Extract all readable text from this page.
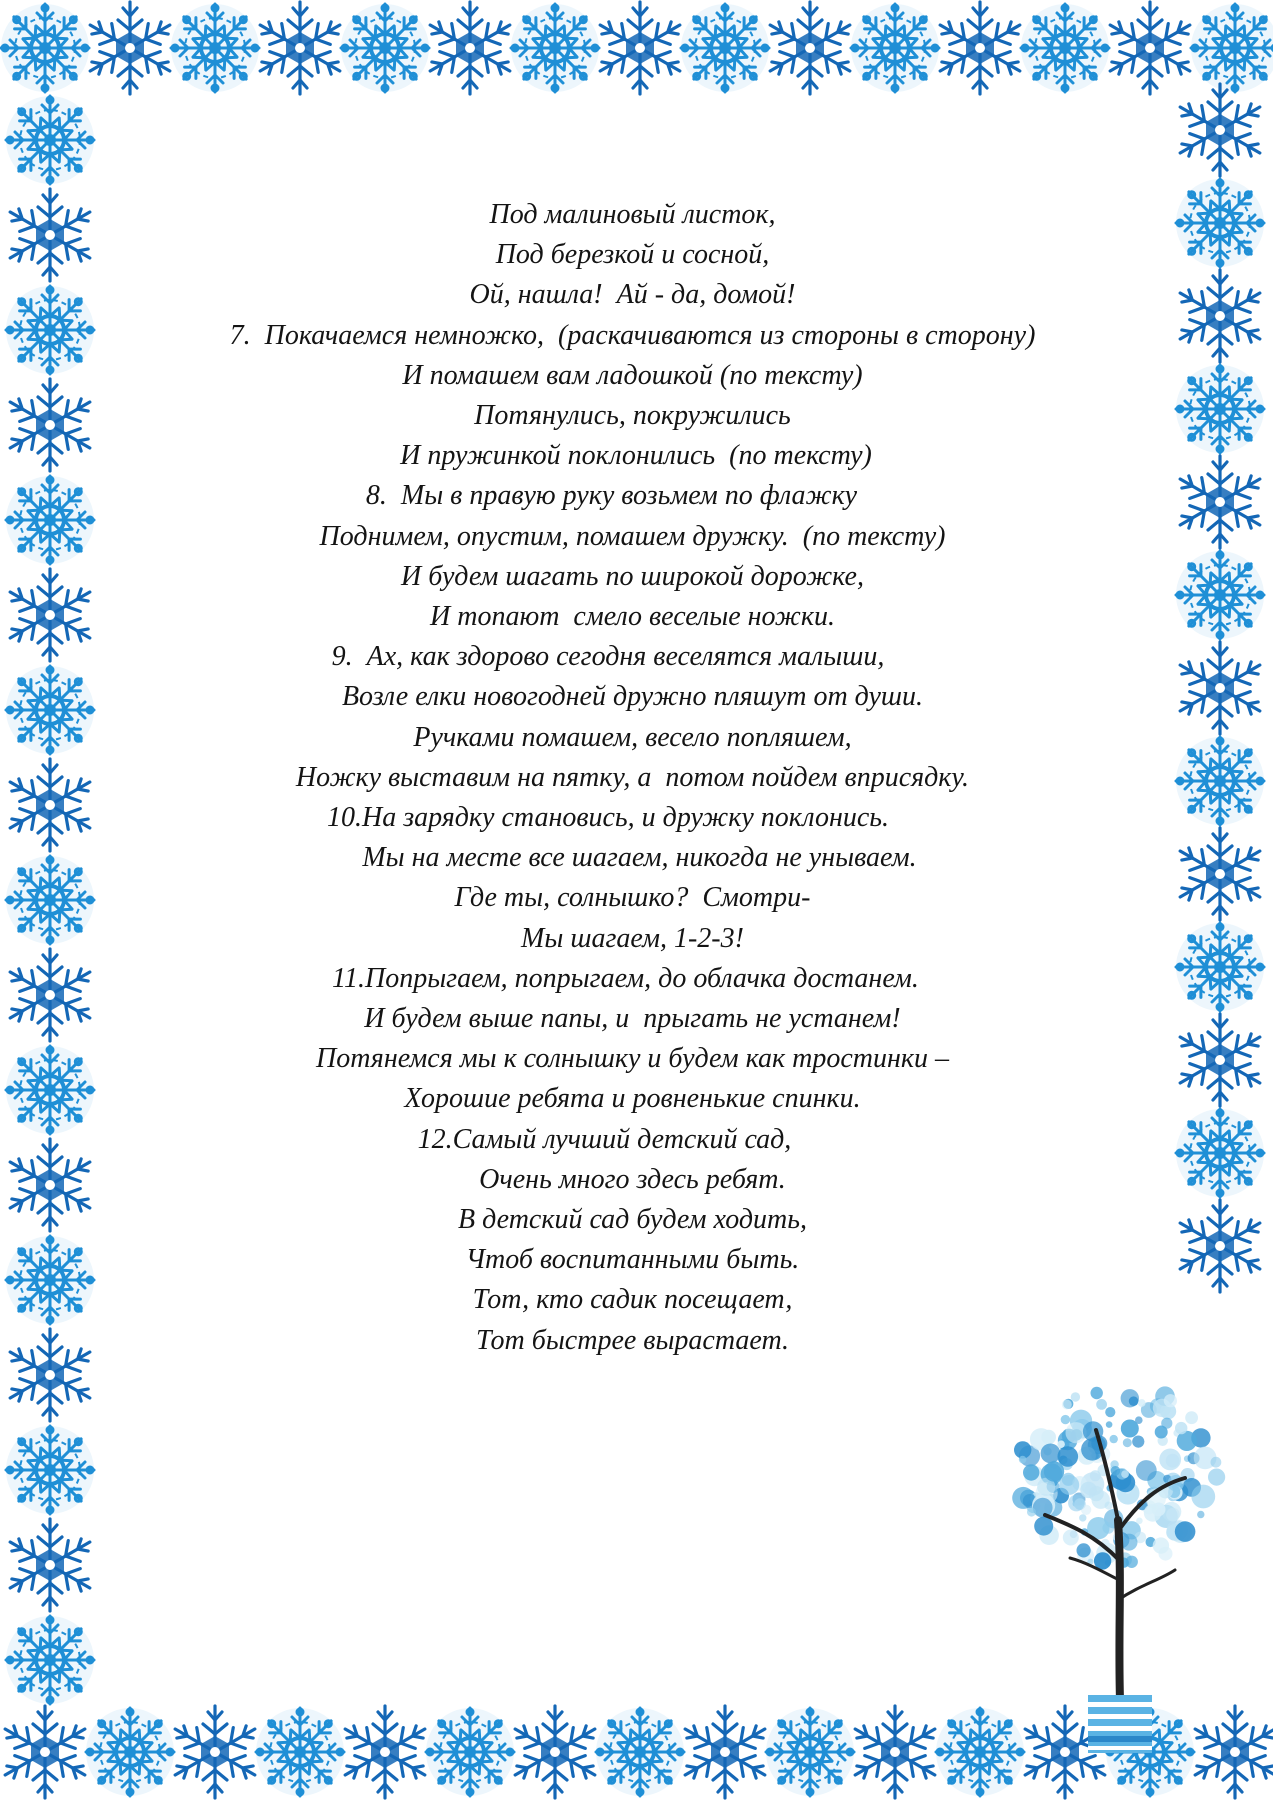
Под малиновый листок,
Под березкой и сосной,
Ой, нашла!  Ай - да, домой!
7.  Покачаемся немножко,  (раскачиваются из стороны в сторону)
И помашем вам ладошкой (по тексту)
Потянулись, покружились
И пружинкой поклонились  (по тексту)
8.  Мы в правую руку возьмем по флажку
Поднимем, опустим, помашем дружку.  (по тексту)
И будем шагать по широкой дорожке,
И топают  смело веселые ножки.
9.  Ах, как здорово сегодня веселятся малыши,
Возле елки новогодней дружно пляшут от души.
Ручками помашем, весело попляшем,
Ножку выставим на пятку, а  потом пойдем вприсядку.
10.На зарядку становись, и дружку поклонись.
Мы на месте все шагаем, никогда не унываем.
Где ты, солнышко?  Смотри-
Мы шагаем, 1-2-3!
11.Попрыгаем, попрыгаем, до облачка достанем.
И будем выше папы, и  прыгать не устанем!
Потянемся мы к солнышку и будем как тростинки –
Хорошие ребята и ровненькие спинки.
12.Самый лучший детский сад,
Очень много здесь ребят.
В детский сад будем ходить,
Чтоб воспитанными быть.
Тот, кто садик посещает,
Тот быстрее вырастает.
